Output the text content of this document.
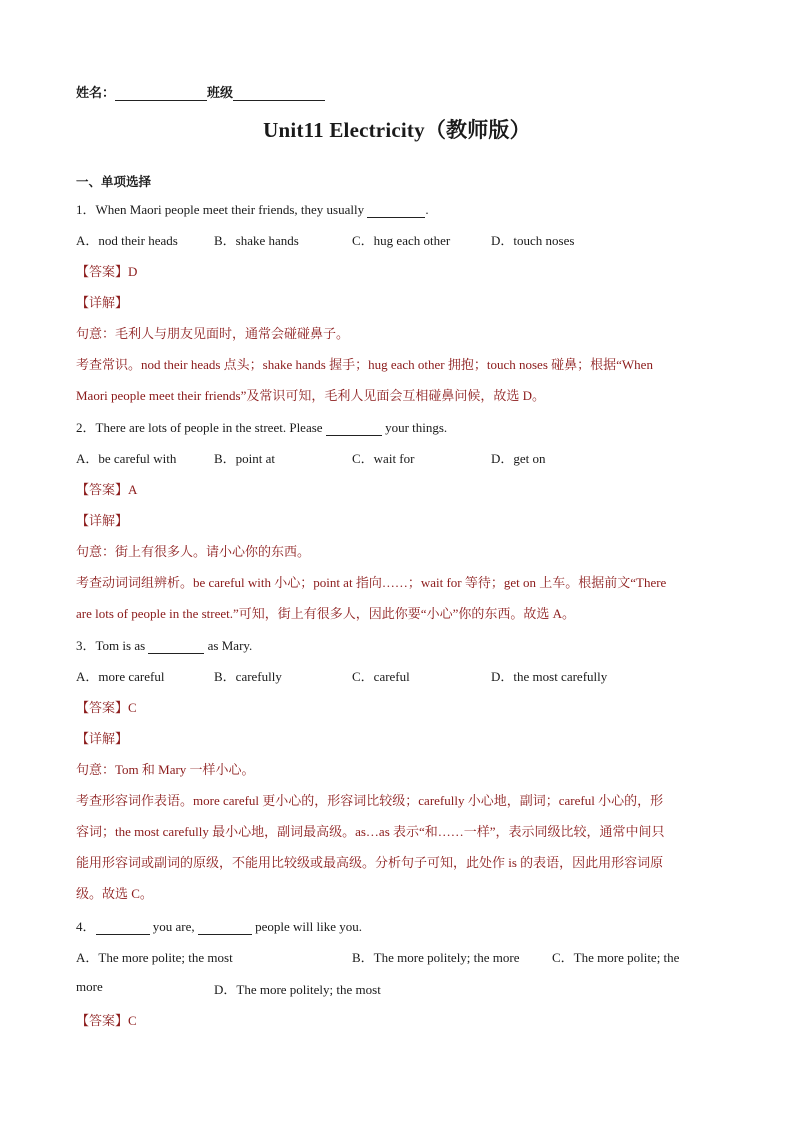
姓名：	班级
Unit11 Electricity（教师版）
一、单项选择
1．When Maori people meet their friends, they usually	.
A．nod their heads	B．shake hands	C．hug each other	D．touch noses
【答案】D
【详解】
句意：毛利人与朋友见面时，通常会碰碰鼻子。
考查常识。nod their heads 点头；shake hands 握手；hug each other 拥抱；touch noses 碰鼻；根据“When
Maori people meet their friends”及常识可知，毛利人见面会互相碰鼻问候，故选 D。
2．There are lots of people in the street. Please	your things.
A．be careful with	B．point at	C．wait for	D．get on
【答案】A
【详解】
句意：街上有很多人。请小心你的东西。
考查动词词组辨析。be careful with 小心；point at 指向……；wait for 等待；get on 上车。根据前文“There
are lots of people in the street.”可知，街上有很多人，因此你要“小心”你的东西。故选 A。
3．Tom is as	as Mary.
A．more careful	B．carefully	C．careful	D．the most carefully
【答案】C
【详解】
句意：Tom 和 Mary 一样小心。
考查形容词作表语。more careful 更小心的，形容词比较级；carefully 小心地，副词；careful 小心的，形
容词；the most carefully 最小心地，副词最高级。as…as 表示“和……一样”，表示同级比较，通常中间只
能用形容词或副词的原级，不能用比较级或最高级。分析句子可知，此处作 is 的表语，因此用形容词原
级。故选 C。
4．	you are,	people will like you.
A．The more polite; the most	B．The more politely; the more C．The more polite; the
more	D．The more politely; the most
【答案】C
